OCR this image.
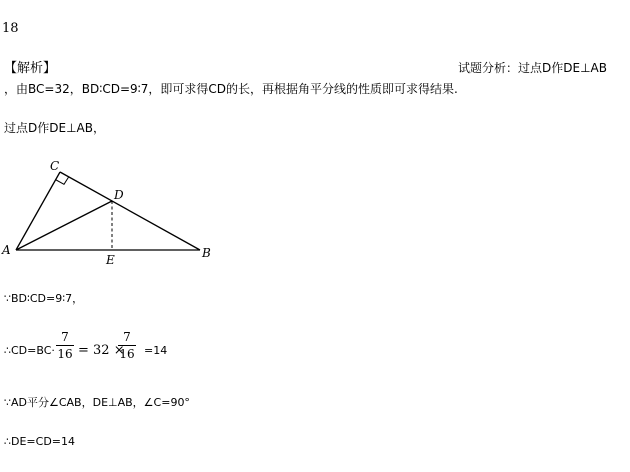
18
【解析】	试题分析：过点D作DE⊥AB
，由BC=32，BD∶CD=9∶7，即可求得CD的长，再根据角平分线的性质即可求得结果.
过点D作DE⊥AB，
C
D
A	B
E
∵BD∶CD=9∶7，
∴CD=BC·
7
16 = 32 ×
7
16 =14
∵AD平分∠CAB，DE⊥AB，∠C=90°
∴DE=CD=14
